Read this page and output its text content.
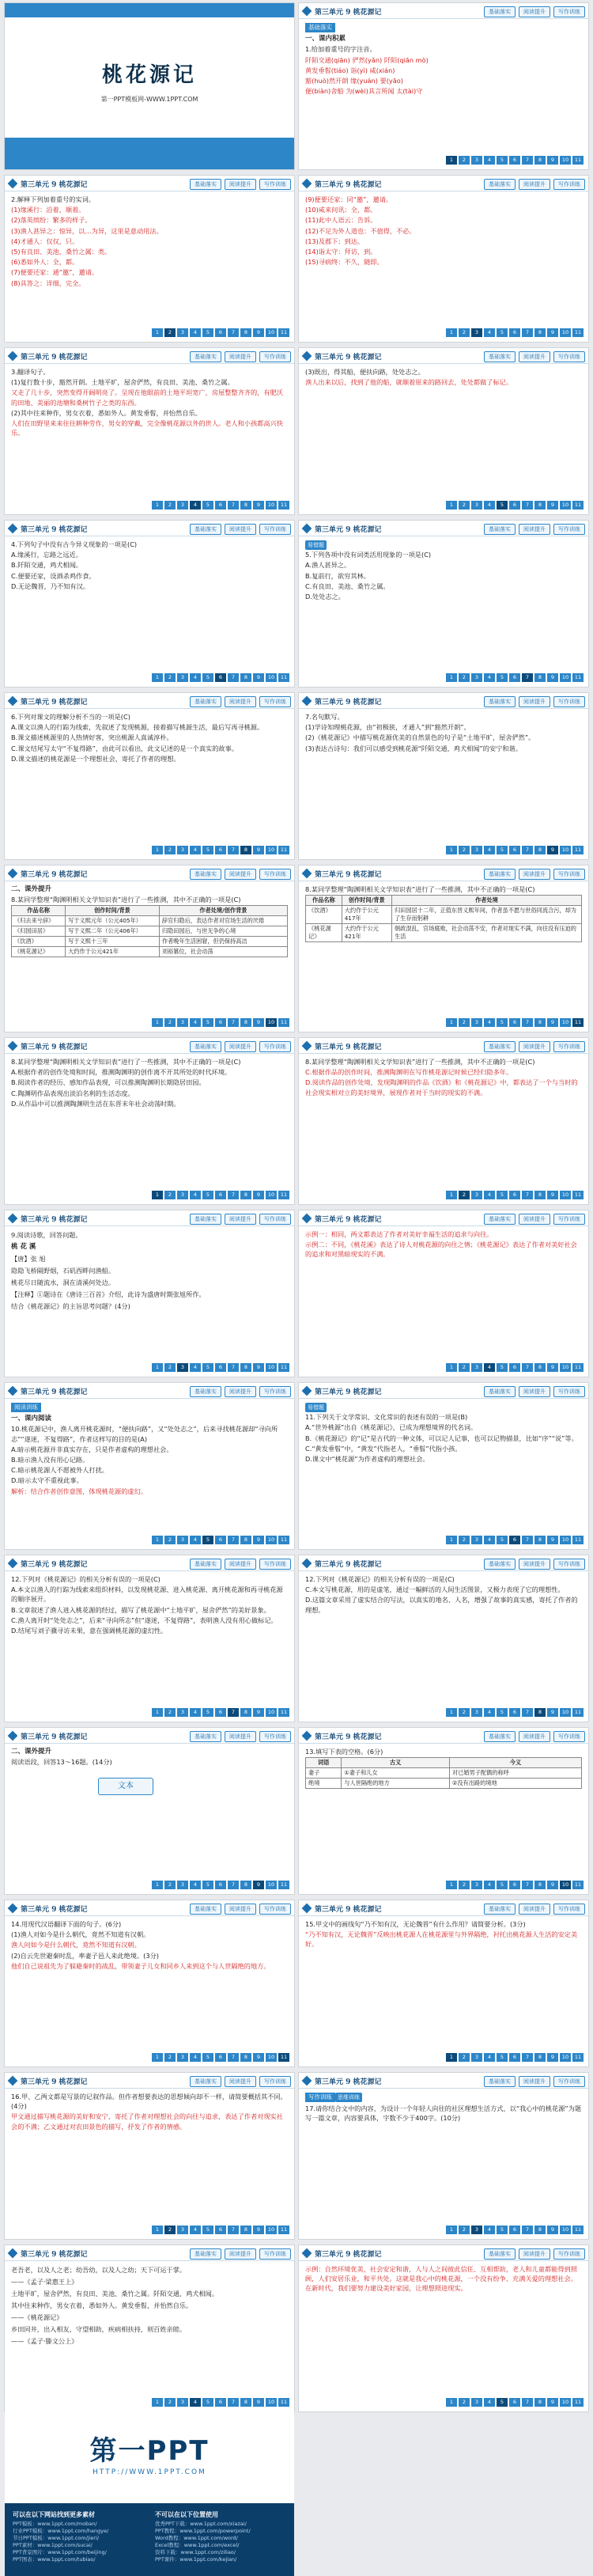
桃花源记
第一PPT模板网-WWW.1PPT.COM
第三单元 9 桃花源记	基础落实	阅读提升	写作训练
基础落实

一、课内积累

1.给加着重号的字注音。

阡陌交通(qiān) 俨然(yǎn) 阡陌(qiān mò)

黄发垂髫(tiáo) 诣(yì) 咸(xián)

豁(huò)然开朗 缘(yuán) 要(yāo)

便(biàn)舍船 为(wèi)具言所闻 太(tài)守

1	2	3	4	5	6	7	8	9	10	11
第三单元 9 桃花源记	基础落实	阅读提升	写作训练

2.解释下列加着重号的实词。

(1)缘溪行：沿着，顺着。

(2)落英缤纷：繁多的样子。

(3)渔人甚异之：惊异，以…为异，这里是意动用法。

(4)才通人：仅仅，只。

(5)有良田、美池、桑竹之属：类。

(6)悉如外人：全，都。

(7)便要还家：通“邀”，邀请。

(8)具答之：详细，完全。

1	2	3	4	5	6	7	8	9	10	11
第三单元 9 桃花源记	基础落实	阅读提升	写作训练

(9)便要还家：同“邀”，邀请。

(10)咸来问讯：全，都。

(11)此中人语云：告诉。

(12)不足为外人道也：不值得，不必。

(13)及郡下：到达。

(14)诣太守：拜访，到。

(15)寻病终：不久，随即。

1	2	3	4	5	6	7	8	9	10	11
第三单元 9 桃花源记	基础落实	阅读提升	写作训练

3.翻译句子。

(1)复行数十步，豁然开朗。土地平旷，屋舍俨然，有良田、美池、桑竹之属。

又走了几十步，突然变得开阔明亮了。呈现在他眼前的土地平坦宽广，房屋整整齐齐的，有肥沃的田地、美丽的池塘和桑树竹子之类的东西。

(2)其中往来种作，男女衣着，悉如外人。黄发垂髫，并怡然自乐。

人们在田野里来来往往耕种劳作，男女的穿戴，完全像桃花源以外的世人。老人和小孩都高兴快乐。

1	2	3	4	5	6	7	8	9	10	11
第三单元 9 桃花源记	基础落实	阅读提升	写作训练

(3)既出，得其船，便扶向路，处处志之。

渔人出来以后，找到了他的船，就顺着原来的路回去，处处都做了标记。

1	2	3	4	5	6	7	8	9	10	11
第三单元 9 桃花源记	基础落实	阅读提升	写作训练

4.下列句子中没有古今异义现象的一项是(C)

A.缘溪行，忘路之远近。

B.阡陌交通，鸡犬相闻。

C.便要还家，设酒杀鸡作食。

D.无论魏晋，乃不知有汉。

1	2	3	4	5	6	7	8	9	10	11
第三单元 9 桃花源记	基础落实	阅读提升	写作训练
易错题

5.下列各项中没有词类活用现象的一项是(C)

A.渔人甚异之。

B.复前行，欲穷其林。

C.有良田、美池、桑竹之属。

D.处处志之。

1	2	3	4	5	6	7	8	9	10	11
第三单元 9 桃花源记	基础落实	阅读提升	写作训练

6.下列对课文的理解分析不当的一项是(C)

A.课文以渔人的行踪为线索，先叙述了发现桃源，接着描写桃源生活，最后写再寻桃源。

B.课文描述桃源里的人热情好客，突出桃源人真诚淳朴。

C.课文结尾写太守“不复得路”，由此可以看出，此文记述的是一个真实的故事。

D.课文描述的桃花源是一个理想社会，寄托了作者的理想。

1	2	3	4	5	6	7	8	9	10	11
第三单元 9 桃花源记	基础落实	阅读提升	写作训练

7.名句默写。

(1)学诗知理桃花源，由“初极狭，才通人”到“豁然开朗”。

(2)《桃花源记》中描写桃花源优美的自然景色的句子是“土地平旷，屋舍俨然”。

(3)表达古诗句：我们可以感受到桃花源“阡陌交通，鸡犬相闻”的安宁和谐。

1	2	3	4	5	6	7	8	9	10	11
第三单元 9 桃花源记	基础落实	阅读提升	写作训练

二、课外提升

8.某同学整理“陶渊明相关文学知识表”进行了一些推测，其中不正确的一项是(C)

作品名称	创作时间/背景	作者处境/创作背景
《归去来兮辞》	写于义熙元年（公元405年）	辞官归隐后，表达作者对官场生活的厌倦
《归园田居》	写于义熙二年（公元406年）	归隐田园后，与世无争的心境
《饮酒》	写于义熙十三年	作者晚年生活困窘，但仍保持高洁
《桃花源记》	大约作于公元421年	刘裕篡位，社会动荡
1	2	3	4	5	6	7	8	9	10	11
第三单元 9 桃花源记	基础落实	阅读提升	写作训练

8.某同学整理“陶渊明相关文学知识表”进行了一些推测，其中不正确的一项是(C)

作品名称	创作时间/背景	作者处境
《饮酒》	大约作于公元417年	归田园居十二年，正值东晋义熙年间，作者虽不愿与世俗同流合污，却为了生存而躬耕
《桃花源记》	大约作于公元421年	朝政混乱，官场腐败，社会动荡不安，作者对现实不满，向往没有压迫的生活
1	2	3	4	5	6	7	8	9	10	11
第三单元 9 桃花源记	基础落实	阅读提升	写作训练

8.某同学整理“陶渊明相关文学知识表”进行了一些推测，其中不正确的一项是(C)

A.根据作者的创作处境和时间，推测陶渊明的创作离不开其所处的时代环境。

B.阅读作者的经历、感知作品表现，可以推测陶渊明长期隐居田园。

C.陶渊明作品表现出淡泊名利的生活态度。

D.从作品中可以推测陶渊明生活在东晋末年社会动荡时期。

1	2	3	4	5	6	7	8	9	10	11
第三单元 9 桃花源记	基础落实	阅读提升	写作训练

8.某同学整理“陶渊明相关文学知识表”进行了一些推测，其中不正确的一项是(C)

C.根据作品的创作时间，推测陶渊明在写作桃花源记时候已经归隐多年。

D.阅读作品的创作处境，发现陶渊明的作品《饮酒》和《桃花源记》中，都表达了一个与当时的社会现实相对立的美好境界，展现作者对于当时的现实的不满。

1	2	3	4	5	6	7	8	9	10	11
第三单元 9 桃花源记	基础落实	阅读提升	写作训练

9.阅读诗歌，回答问题。

桃 花 溪

【唐】张 旭

隐隐飞桥隔野烟，石矶西畔问渔船。

桃花尽日随流水，洞在清溪何处边。

【注释】①题诗在《唐诗三百首》介绍，此诗为盛唐时期张旭所作。

结合《桃花源记》的主旨思考问题？(4分)

1	2	3	4	5	6	7	8	9	10	11
第三单元 9 桃花源记	基础落实	阅读提升	写作训练

示例一：相同，两文都表达了作者对美好幸福生活的追求与向往。

示例二：不同，《桃花溪》表达了诗人对桃花源的向往之情；《桃花源记》表达了作者对美好社会的追求和对黑暗现实的不满。

1	2	3	4	5	6	7	8	9	10	11
第三单元 9 桃花源记	基础落实	阅读提升	写作训练
阅读训练

一、课内阅读

10.桃花源记中，渔人离开桃花源时，“便扶向路”，又“处处志之”，后来寻找桃花源却“寻向所志”“遂迷，不复得路”，作者这样写的目的是(A)

A.暗示桃花源并非真实存在，只是作者虚构的理想社会。

B.暗示渔人没有用心记路。

C.暗示桃花源人不愿被外人打扰。

D.暗示太守不重视此事。

解析：结合作者创作意图，体现桃花源的虚幻。

1	2	3	4	5	6	7	8	9	10	11
第三单元 9 桃花源记	基础落实	阅读提升	写作训练
易错题

11.下列关于文学常识、文化常识的表述有误的一项是(B)

A.“世外桃源”出自《桃花源记》，已成为理想境界的代名词。

B.《桃花源记》的“记”是古代的一种文体，可以记人记事，也可以记物描景，比如“序”“说”等。

C.“黄发垂髫”中，“黄发”代指老人，“垂髫”代指小孩。

D.课文中“桃花源”为作者虚构的理想社会。

1	2	3	4	5	6	7	8	9	10	11
第三单元 9 桃花源记	基础落实	阅读提升	写作训练

12.下列对《桃花源记》的相关分析有误的一项是(C)

A.本文以渔人的行踪为线索来组织材料，以发现桃花源、进入桃花源、离开桃花源和再寻桃花源的顺序展开。

B.文章叙述了渔人进入桃花源的经过，描写了桃花源中“土地平旷，屋舍俨然”的美好景象。

C.渔人离开时“处处志之”，后来“寻向所志”但“遂迷，不复得路”，表明渔人没有用心做标记。

D.结尾写刘子骥寻访未果，意在强调桃花源的虚幻性。

1	2	3	4	5	6	7	8	9	10	11
第三单元 9 桃花源记	基础落实	阅读提升	写作训练

12.下列对《桃花源记》的相关分析有误的一项是(C)

C.本文写桃花源，用的是虚笔，通过一幅鲜活的人间生活图景，又极力表现了它的理想性。

D.这篇文章采用了虚实结合的写法，以真实的地名、人名，增强了故事的真实感，寄托了作者的理想。

1	2	3	4	5	6	7	8	9	10	11
第三单元 9 桃花源记	基础落实	阅读提升	写作训练

二、课外提升

阅读语段，回答13～16题。(14分)

文本
1	2	3	4	5	6	7	8	9	10	11
第三单元 9 桃花源记	基础落实	阅读提升	写作训练

13.填写下表的空格。(6分)

词语	古义	今义
妻子	①妻子和儿女	对已婚男子配偶的称呼
绝境	与人世隔绝的地方	②没有出路的境地
1	2	3	4	5	6	7	8	9	10	11
第三单元 9 桃花源记	基础落实	阅读提升	写作训练

14.用现代汉语翻译下面的句子。(6分)

(1)渔人对如今是什么朝代，竟然不知道有汉朝。

渔人问如今是什么朝代，竟然不知道有汉朝。

(2)自云先世避秦时乱，率妻子邑人来此绝境。(3分)

他们自己说祖先为了躲避秦时的战乱，带领妻子儿女和同乡人来到这个与人世隔绝的地方。

1	2	3	4	5	6	7	8	9	10	11
第三单元 9 桃花源记	基础落实	阅读提升	写作训练

15.甲文中的画线句“乃不知有汉，无论魏晋”有什么作用？请简要分析。(3分)

“乃不知有汉，无论魏晋”反映出桃花源人在桃花源里与外界隔绝，衬托出桃花源人生活的安定美好。

1	2	3	4	5	6	7	8	9	10	11
第三单元 9 桃花源记	基础落实	阅读提升	写作训练

16.甲、乙两文都是写景的记叙作品。但作者想要表达的思想倾向却不一样，请简要概括其不同。(4分)

甲文通过描写桃花源的美好和安宁，寄托了作者对理想社会的向往与追求，表达了作者对现实社会的不满；乙文通过对农田景色的描写，抒发了作者的情感。

1	2	3	4	5	6	7	8	9	10	11
第三单元 9 桃花源记	基础落实	阅读提升	写作训练
写作训练 思维训练

17.请你结合文中的内容，为设计一个年轻人向往的社区理想生活方式，以“我心中的桃花源”为题写一篇文章，内容要具体，字数不少于400字。(10分)

1	2	3	4	5	6	7	8	9	10	11
第三单元 9 桃花源记	基础落实	阅读提升	写作训练

老吾老，以及人之老；幼吾幼，以及人之幼；天下可运于掌。

——《孟子·梁惠王上》

土地平旷，屋舍俨然，有良田、美池、桑竹之属。阡陌交通，鸡犬相闻。

其中往来种作，男女衣着，悉如外人。黄发垂髫，并怡然自乐。

——《桃花源记》

乡田同井，出入相友，守望相助，疾病相扶持，则百姓亲睦。

——《孟子·滕文公上》

1	2	3	4	5	6	7	8	9	10	11
第三单元 9 桃花源记	基础落实	阅读提升	写作训练

示例：自然环境优美，社会安定和谐，人与人之间彼此信任、互相帮助，老人和儿童都能得到照顾，人们安居乐业，和平共处。这就是我心中的桃花源，一个没有纷争、充满关爱的理想社会。在新时代，我们要努力建设美好家园，让理想照进现实。

1	2	3	4	5	6	7	8	9	10	11
第一PPT
HTTP://WWW.1PPT.COM
可以在以下网站找到更多素材
PPT模板：www.1ppt.com/moban/
行业PPT模板：www.1ppt.com/hangye/
节日PPT模板：www.1ppt.com/jieri/
PPT素材：www.1ppt.com/sucai/
PPT背景图片：www.1ppt.com/beijing/
PPT图表：www.1ppt.com/tubiao/
不可以在以下位置使用
优秀PPT下载：www.1ppt.com/xiazai/
PPT教程：www.1ppt.com/powerpoint/
Word教程：www.1ppt.com/word/
Excel教程：www.1ppt.com/excel/
资料下载：www.1ppt.com/ziliao/
PPT课件：www.1ppt.com/kejian/
